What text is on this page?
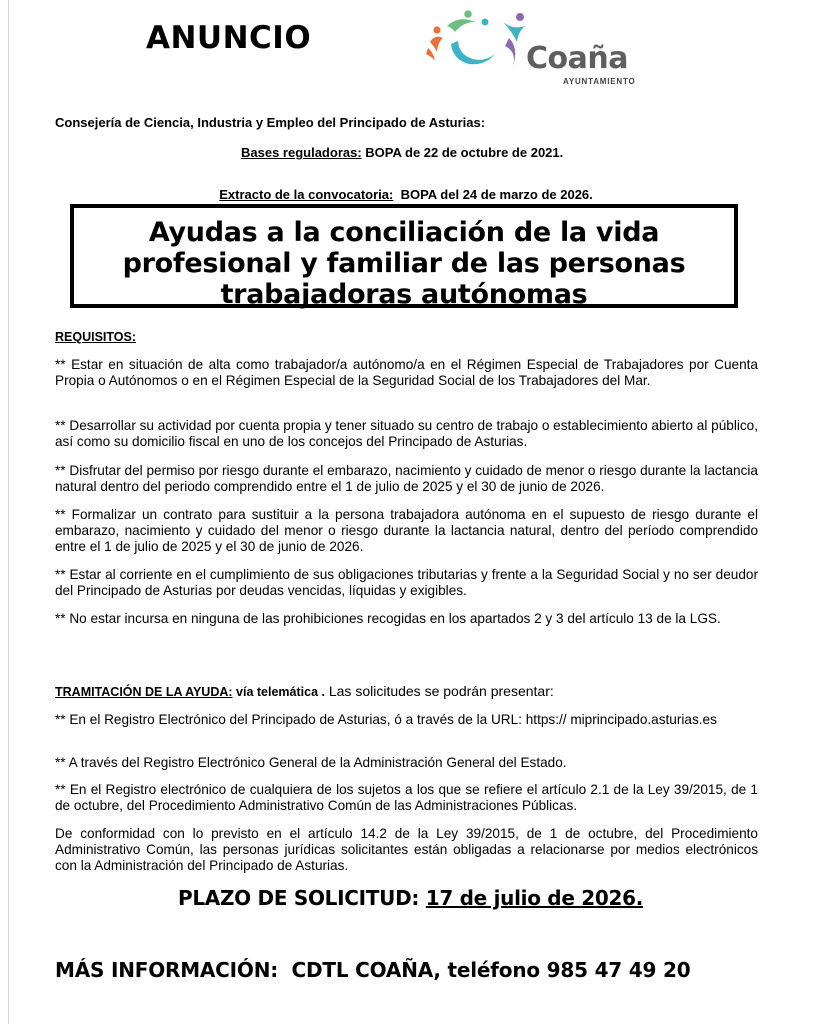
ANUNCIO
Coaña
AYUNTAMIENTO
Consejería de Ciencia, Industria y Empleo del Principado de Asturias:
Bases reguladoras: BOPA de 22 de octubre de 2021.

Extracto de la convocatoria:  BOPA del 24 de marzo de 2026.

Ayudas a la conciliación de la vida
profesional y familiar de las personas
trabajadoras autónomas
REQUISITOS:
** Estar en situación de alta como trabajador/a autónomo/a en el Régimen Especial de Trabajadores por Cuenta Propia o Autónomos o en el Régimen Especial de la Seguridad Social de los Trabajadores del Mar.
** Desarrollar su actividad por cuenta propia y tener situado su centro de trabajo o establecimiento abierto al público, así como su domicilio fiscal en uno de los concejos del Principado de Asturias.
** Disfrutar del permiso por riesgo durante el embarazo, nacimiento y cuidado de menor o riesgo durante la lactancia natural dentro del periodo comprendido entre el 1 de julio de 2025 y el 30 de junio de 2026.
** Formalizar un contrato para sustituir a la persona trabajadora autónoma en el supuesto de riesgo durante el embarazo, nacimiento y cuidado del menor o riesgo durante la lactancia natural, dentro del período comprendido entre el 1 de julio de 2025 y el 30 de junio de 2026.
** Estar al corriente en el cumplimiento de sus obligaciones tributarias y frente a la Seguridad Social y no ser deudor del Principado de Asturias por deudas vencidas, líquidas y exigibles.
** No estar incursa en ninguna de las prohibiciones recogidas en los apartados 2 y 3 del artículo 13 de la LGS.
TRAMITACIÓN DE LA AYUDA: vía telemática . Las solicitudes se podrán presentar:
** En el Registro Electrónico del Principado de Asturias, ó a través de la URL: https:// miprincipado.asturias.es
** A través del Registro Electrónico General de la Administración General del Estado.
** En el Registro electrónico de cualquiera de los sujetos a los que se refiere el artículo 2.1 de la Ley 39/2015, de 1 de octubre, del Procedimiento Administrativo Común de las Administraciones Públicas.
De conformidad con lo previsto en el artículo 14.2 de la Ley 39/2015, de 1 de octubre, del Procedimiento Administrativo Común, las personas jurídicas solicitantes están obligadas a relacionarse por medios electrónicos con la Administración del Principado de Asturias.
PLAZO DE SOLICITUD: 17 de julio de 2026.
MÁS INFORMACIÓN:  CDTL COAÑA, teléfono 985 47 49 20
